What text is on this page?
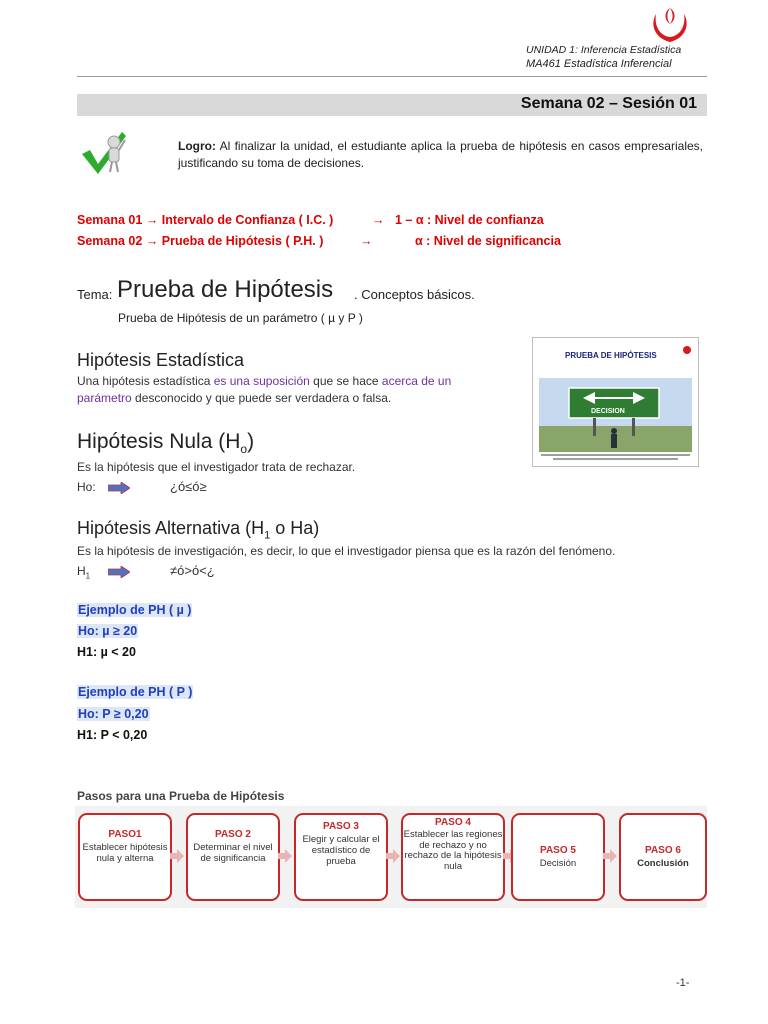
UNIDAD 1: Inferencia Estadística
MA461 Estadística Inferencial
Semana 02 – Sesión 01
Logro: Al finalizar la unidad, el estudiante aplica la prueba de hipótesis en casos empresariales, justificando su toma de decisiones.
Semana 01 → Intervalo de Confianza ( I.C. )	→ 1 – α : Nivel de confianza
Semana 02 → Prueba de Hipótesis ( P.H. )	→	α : Nivel de significancia
Tema: Prueba de Hipótesis . Conceptos básicos.
Prueba de Hipótesis de un parámetro ( µ y P )
Hipótesis Estadística
Una hipótesis estadística es una suposición que se hace acerca de un
parámetro desconocido y que puede ser verdadera o falsa.
PRUEBA DE HIPÓTESIS
DECISION
Hipótesis Nula $(H_o)$
Es la hipótesis que el investigador trata de rechazar.
Ho:	¿ó≤ó≥
Hipótesis Alternativa ($H_1$ o Ha)
Es la hipótesis de investigación, es decir, lo que el investigador piensa que es la razón del fenómeno.
$H_1$	≠ó>ó<¿
Ejemplo de PH ( µ )
Ho: µ ≥ 20
H1: µ < 20
Ejemplo de PH ( P )
Ho: P ≥ 0,20
H1: P < 0,20
Pasos para una Prueba de Hipótesis
PASO1
Establecer hipótesis nula y alterna
PASO 2
Determinar el nivel de significancia
PASO 3
Elegir y calcular el estadístico de prueba
PASO 4
Establecer las regiones de rechazo y no rechazo de la hipótesis nula
PASO 5
Decisión
PASO 6
Conclusión
-1-
